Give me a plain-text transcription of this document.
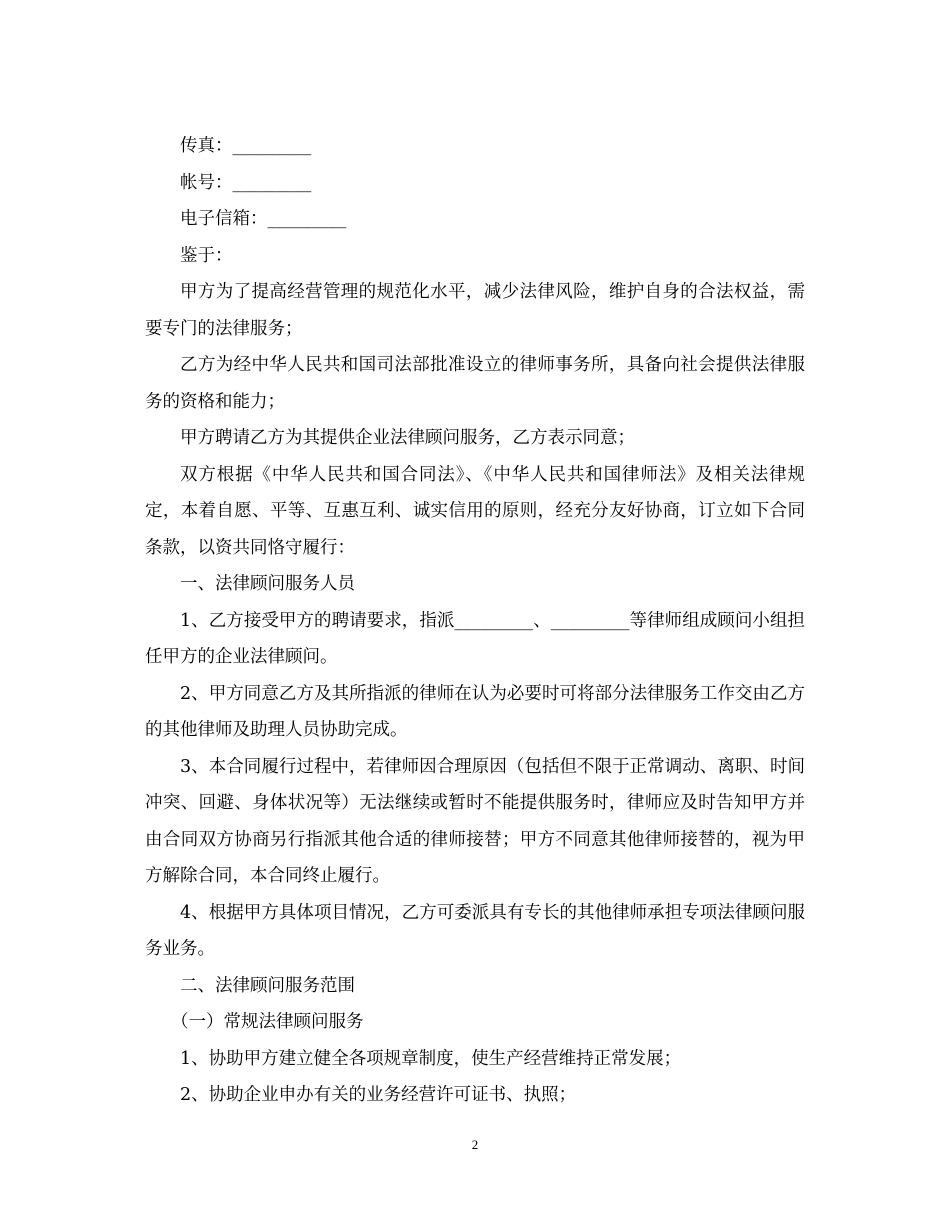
传真：_________

帐号：_________

电子信箱：_________

鉴于：

甲方为了提高经营管理的规范化水平，减少法律风险，维护自身的合法权益，需要专门的法律服务；

乙方为经中华人民共和国司法部批准设立的律师事务所，具备向社会提供法律服务的资格和能力；

甲方聘请乙方为其提供企业法律顾问服务，乙方表示同意；

双方根据《中华人民共和国合同法》、《中华人民共和国律师法》及相关法律规定，本着自愿、平等、互惠互利、诚实信用的原则，经充分友好协商，订立如下合同条款，以资共同恪守履行：

一、法律顾问服务人员

1、乙方接受甲方的聘请要求，指派_________、_________等律师组成顾问小组担任甲方的企业法律顾问。

2、甲方同意乙方及其所指派的律师在认为必要时可将部分法律服务工作交由乙方的其他律师及助理人员协助完成。

3、本合同履行过程中，若律师因合理原因（包括但不限于正常调动、离职、时间冲突、回避、身体状况等）无法继续或暂时不能提供服务时，律师应及时告知甲方并由合同双方协商另行指派其他合适的律师接替；甲方不同意其他律师接替的，视为甲方解除合同，本合同终止履行。

4、根据甲方具体项目情况，乙方可委派具有专长的其他律师承担专项法律顾问服务业务。

二、法律顾问服务范围

（一）常规法律顾问服务

1、协助甲方建立健全各项规章制度，使生产经营维持正常发展；

2、协助企业申办有关的业务经营许可证书、执照；

2
